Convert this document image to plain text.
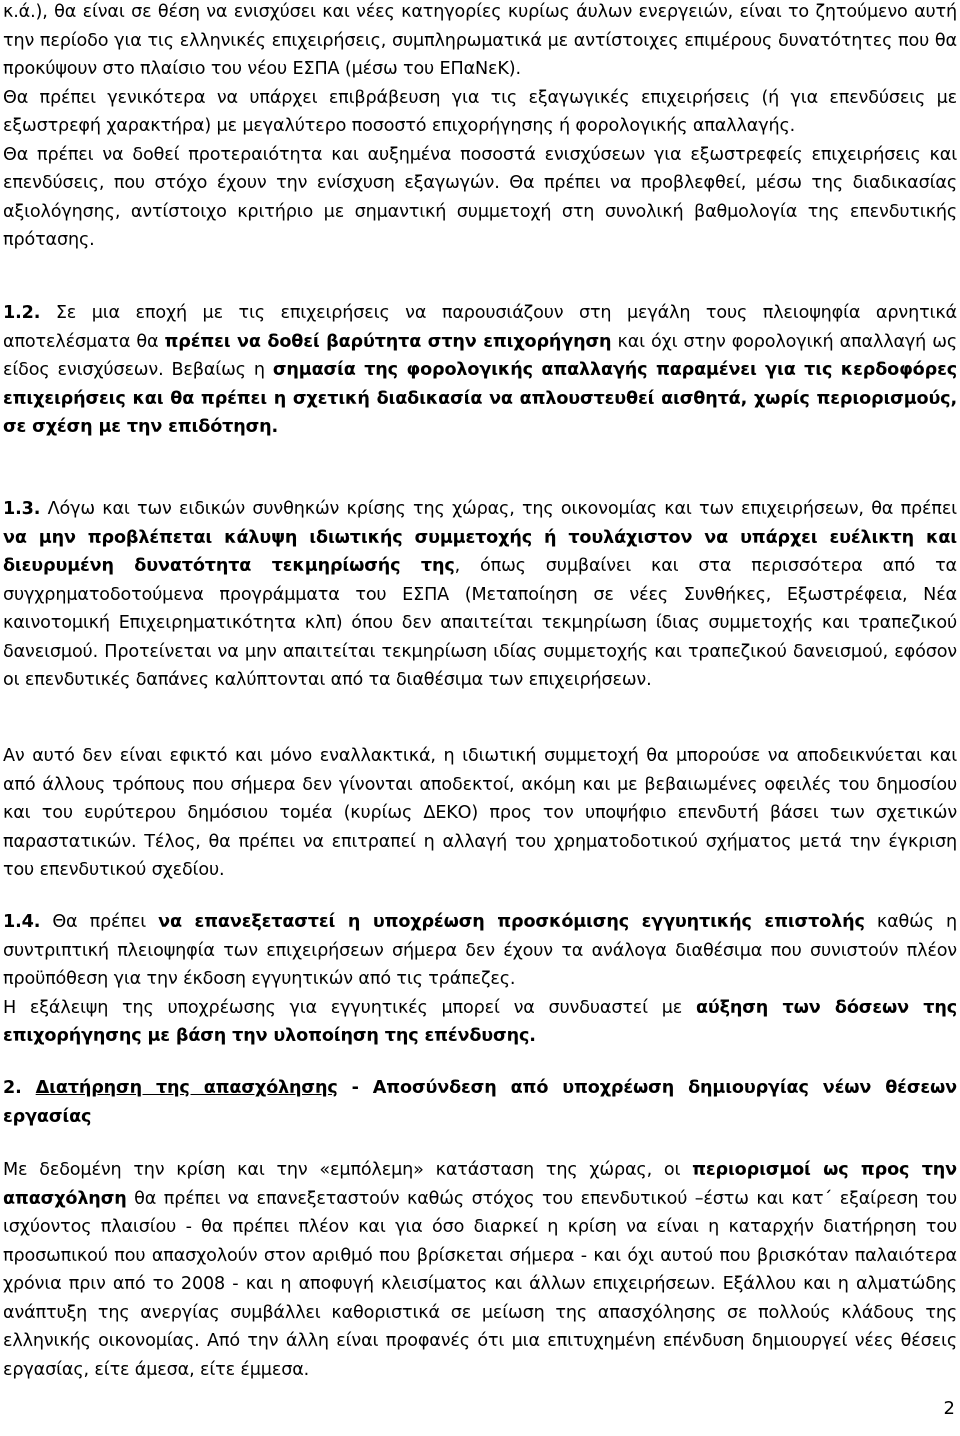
κ.ά.), θα είναι σε θέση να ενισχύσει και νέες κατηγορίες κυρίως άυλων ενεργειών, είναι το ζητούμενο αυτή την περίοδο για τις ελληνικές επιχειρήσεις, συμπληρωματικά με αντίστοιχες επιμέρους δυνατότητες που θα προκύψουν στο πλαίσιο του νέου ΕΣΠΑ (μέσω του ΕΠαΝεΚ).

Θα πρέπει γενικότερα να υπάρχει επιβράβευση για τις εξαγωγικές επιχειρήσεις (ή για επενδύσεις με εξωστρεφή χαρακτήρα) με μεγαλύτερο ποσοστό επιχορήγησης ή φορολογικής απαλλαγής.

Θα πρέπει να δοθεί προτεραιότητα και αυξημένα ποσοστά ενισχύσεων για εξωστρεφείς επιχειρήσεις και επενδύσεις, που στόχο έχουν την ενίσχυση εξαγωγών. Θα πρέπει να προβλεφθεί, μέσω της διαδικασίας αξιολόγησης, αντίστοιχο κριτήριο με σημαντική συμμετοχή στη συνολική βαθμολογία της επενδυτικής πρότασης.

1.2. Σε μια εποχή με τις επιχειρήσεις να παρουσιάζουν στη μεγάλη τους πλειοψηφία αρνητικά αποτελέσματα θα πρέπει να δοθεί βαρύτητα στην επιχορήγηση και όχι στην φορολογική απαλλαγή ως είδος ενισχύσεων. Βεβαίως η σημασία της φορολογικής απαλλαγής παραμένει για τις κερδοφόρες επιχειρήσεις και θα πρέπει η σχετική διαδικασία να απλουστευθεί αισθητά, χωρίς περιορισμούς, σε σχέση με την επιδότηση.

1.3. Λόγω και των ειδικών συνθηκών κρίσης της χώρας, της οικονομίας και των επιχειρήσεων, θα πρέπει να μην προβλέπεται κάλυψη ιδιωτικής συμμετοχής ή τουλάχιστον να υπάρχει ευέλικτη και διευρυμένη δυνατότητα τεκμηρίωσής της, όπως συμβαίνει και στα περισσότερα από τα συγχρηματοδοτούμενα προγράμματα του ΕΣΠΑ (Μεταποίηση σε νέες Συνθήκες, Εξωστρέφεια, Νέα καινοτομική Επιχειρηματικότητα κλπ) όπου δεν απαιτείται τεκμηρίωση ίδιας συμμετοχής και τραπεζικού δανεισμού. Προτείνεται να μην απαιτείται τεκμηρίωση ιδίας συμμετοχής και τραπεζικού δανεισμού, εφόσον οι επενδυτικές δαπάνες καλύπτονται από τα διαθέσιμα των επιχειρήσεων.

Αν αυτό δεν είναι εφικτό και μόνο εναλλακτικά, η ιδιωτική συμμετοχή θα μπορούσε να αποδεικνύεται και από άλλους τρόπους που σήμερα δεν γίνονται αποδεκτοί, ακόμη και με βεβαιωμένες οφειλές του δημοσίου και του ευρύτερου δημόσιου τομέα (κυρίως ΔΕΚΟ) προς τον υποψήφιο επενδυτή βάσει των σχετικών παραστατικών. Τέλος, θα πρέπει να επιτραπεί η αλλαγή του χρηματοδοτικού σχήματος μετά την έγκριση του επενδυτικού σχεδίου.

1.4. Θα πρέπει να επανεξεταστεί η υποχρέωση προσκόμισης εγγυητικής επιστολής καθώς η συντριπτική πλειοψηφία των επιχειρήσεων σήμερα δεν έχουν τα ανάλογα διαθέσιμα που συνιστούν πλέον προϋπόθεση για την έκδοση εγγυητικών από τις τράπεζες.
Η εξάλειψη της υποχρέωσης για εγγυητικές μπορεί να συνδυαστεί με αύξηση των δόσεων της επιχορήγησης με βάση την υλοποίηση της επένδυσης.

2. Διατήρηση της απασχόλησης - Αποσύνδεση από υποχρέωση δημιουργίας νέων θέσεων εργασίας

Με δεδομένη την κρίση και την «εμπόλεμη» κατάσταση της χώρας, οι περιορισμοί ως προς την απασχόληση θα πρέπει να επανεξεταστούν καθώς στόχος του επενδυτικού –έστω και κατ΄ εξαίρεση του ισχύοντος πλαισίου - θα πρέπει πλέον και για όσο διαρκεί η κρίση να είναι η καταρχήν διατήρηση του προσωπικού που απασχολούν στον αριθμό που βρίσκεται σήμερα - και όχι αυτού που βρισκόταν παλαιότερα χρόνια πριν από το 2008 - και η αποφυγή κλεισίματος και άλλων επιχειρήσεων. Εξάλλου και η αλματώδης ανάπτυξη της ανεργίας συμβάλλει καθοριστικά σε μείωση της απασχόλησης σε πολλούς κλάδους της ελληνικής οικονομίας. Από την άλλη είναι προφανές ότι μια επιτυχημένη επένδυση δημιουργεί νέες θέσεις εργασίας, είτε άμεσα, είτε έμμεσα.

2
